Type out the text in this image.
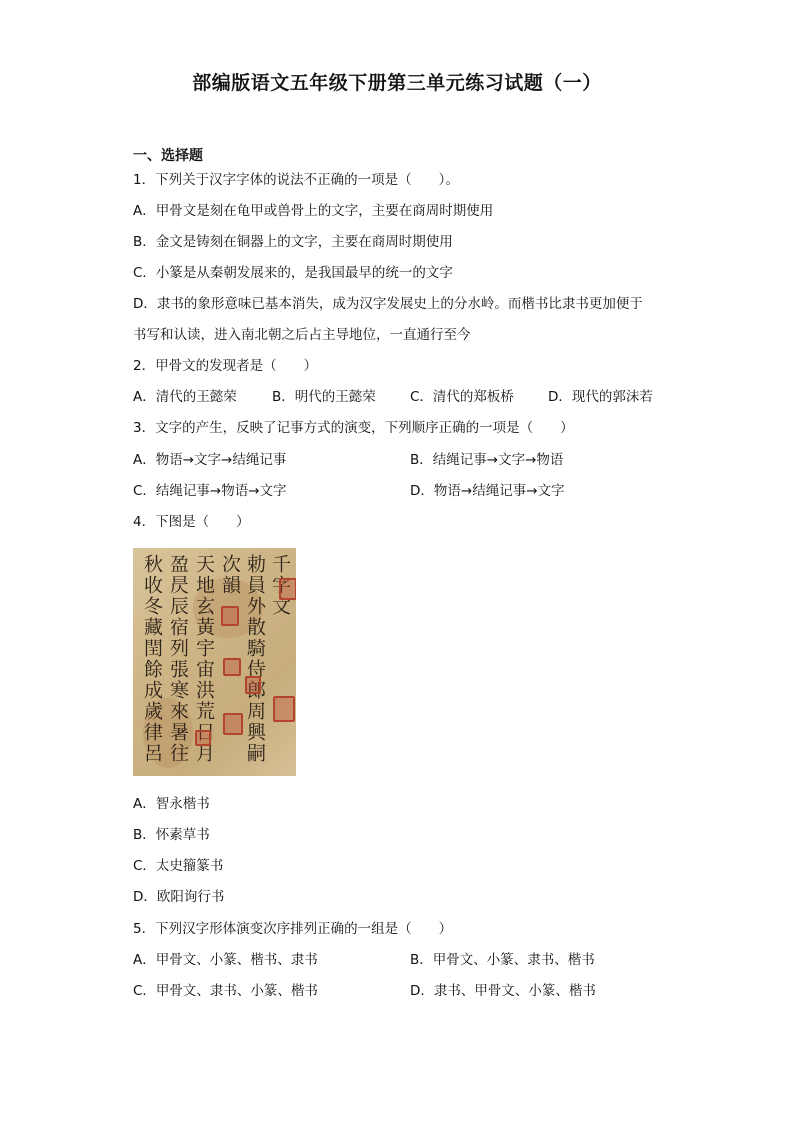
部编版语文五年级下册第三单元练习试题（一）
一、选择题
1．下列关于汉字字体的说法不正确的一项是（　　）。
A．甲骨文是刻在龟甲或兽骨上的文字，主要在商周时期使用
B．金文是铸刻在铜器上的文字，主要在商周时期使用
C．小篆是从秦朝发展来的，是我国最早的统一的文字
D．隶书的象形意味已基本消失，成为汉字发展史上的分水岭。而楷书比隶书更加便于
书写和认读，进入南北朝之后占主导地位，一直通行至今
2．甲骨文的发现者是（　　）
A．清代的王懿荣	B．明代的王懿荣	C．清代的郑板桥	D．现代的郭沫若
3．文字的产生，反映了记事方式的演变，下列顺序正确的一项是（　　）
A．物语→文字→结绳记事	B．结绳记事→文字→物语
C．结绳记事→物语→文字	D．物语→结绳记事→文字
4．下图是（　　）
千字文
勅員外散騎侍郎周興嗣
次韻
天地玄黃宇宙洪荒日月
盈昃辰宿列張寒來暑往
秋收冬藏閏餘成歲律呂
A．智永楷书
B．怀素草书
C．太史籀篆书
D．欧阳询行书
5．下列汉字形体演变次序排列正确的一组是（　　）
A．甲骨文、小篆、楷书、隶书	B．甲骨文、小篆、隶书、楷书
C．甲骨文、隶书、小篆、楷书	D．隶书、甲骨文、小篆、楷书
